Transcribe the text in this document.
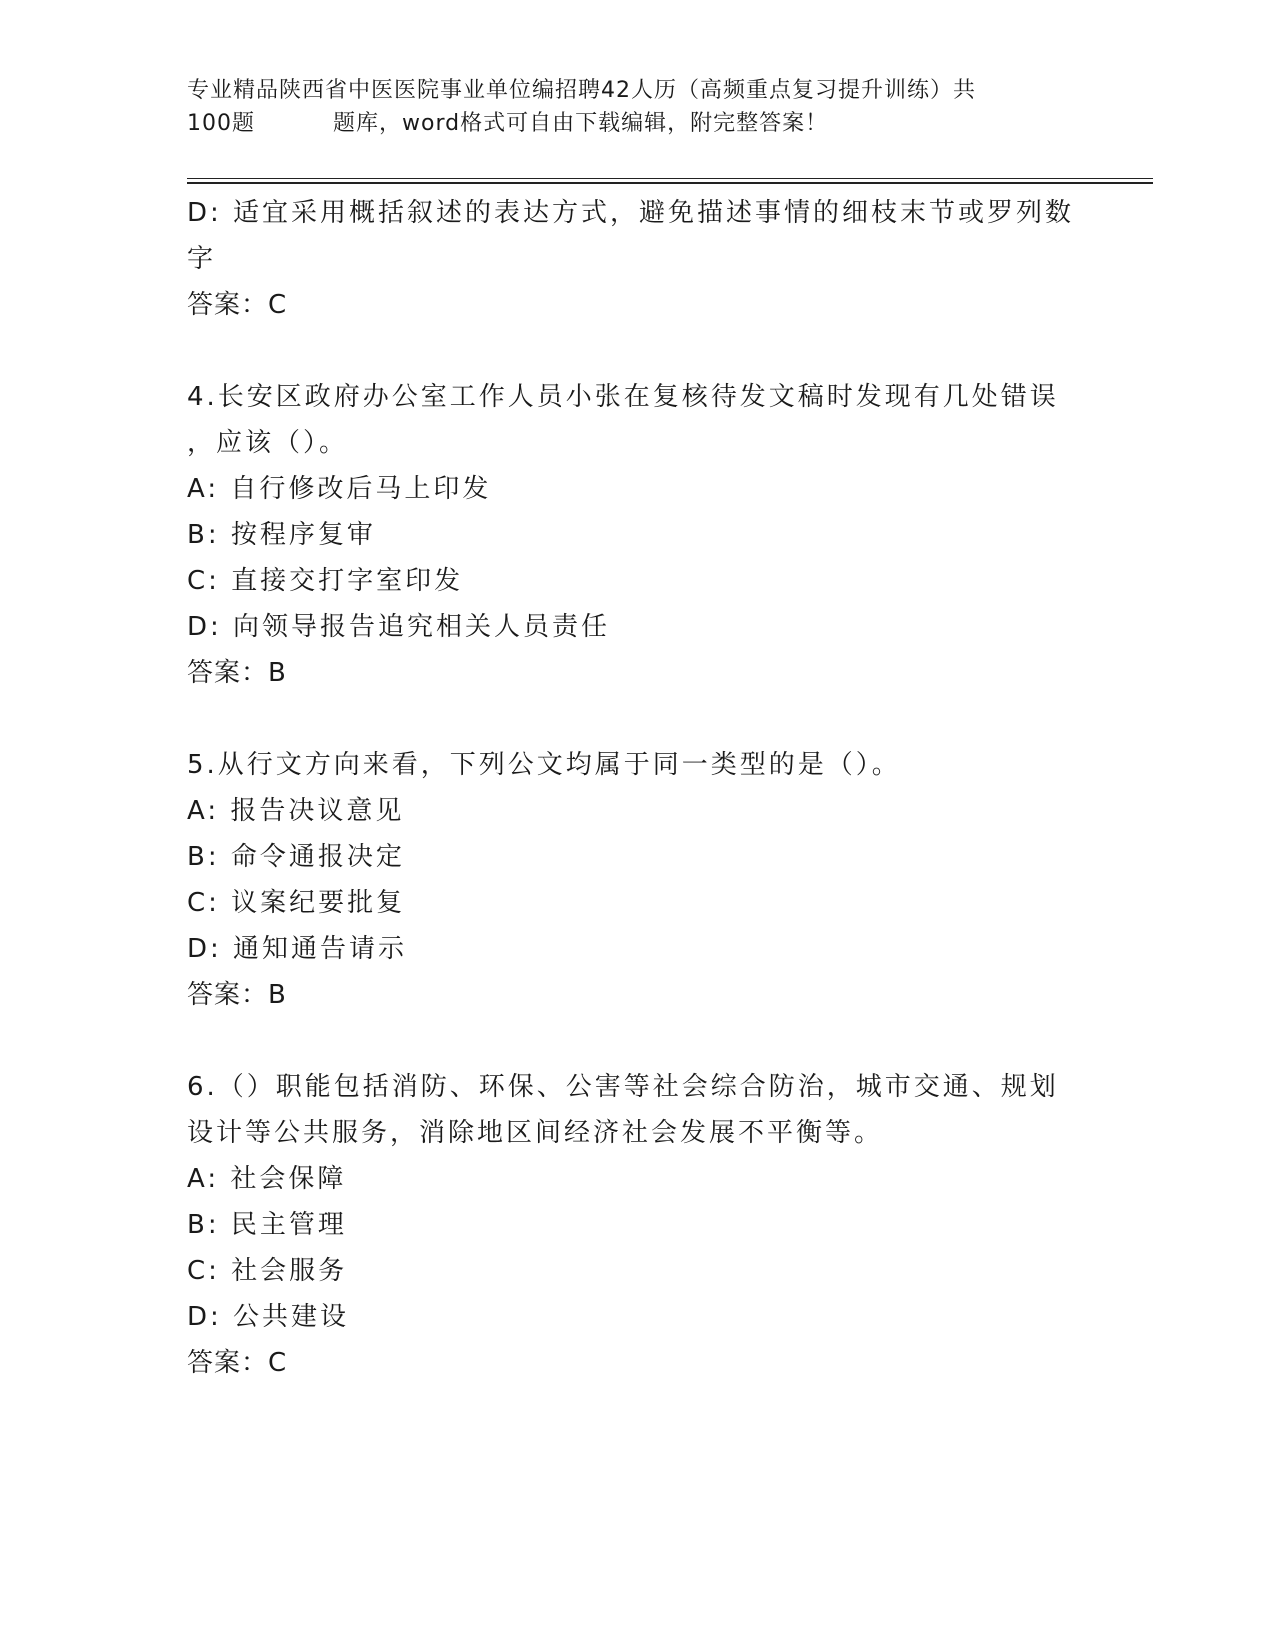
专业精品陕西省中医医院事业单位编招聘42人历（高频重点复习提升训练）共
100题	题库，word格式可自由下载编辑，附完整答案！
D: 适宜采用概括叙述的表达方式，避免描述事情的细枝末节或罗列数
字
答案：C
4.长安区政府办公室工作人员小张在复核待发文稿时发现有几处错误
，应该（）。
A: 自行修改后马上印发
B: 按程序复审
C: 直接交打字室印发
D: 向领导报告追究相关人员责任
答案：B
5.从行文方向来看，下列公文均属于同一类型的是（）。
A: 报告决议意见
B: 命令通报决定
C: 议案纪要批复
D: 通知通告请示
答案：B
6.（）职能包括消防、环保、公害等社会综合防治，城市交通、规划
设计等公共服务，消除地区间经济社会发展不平衡等。
A: 社会保障
B: 民主管理
C: 社会服务
D: 公共建设
答案：C
